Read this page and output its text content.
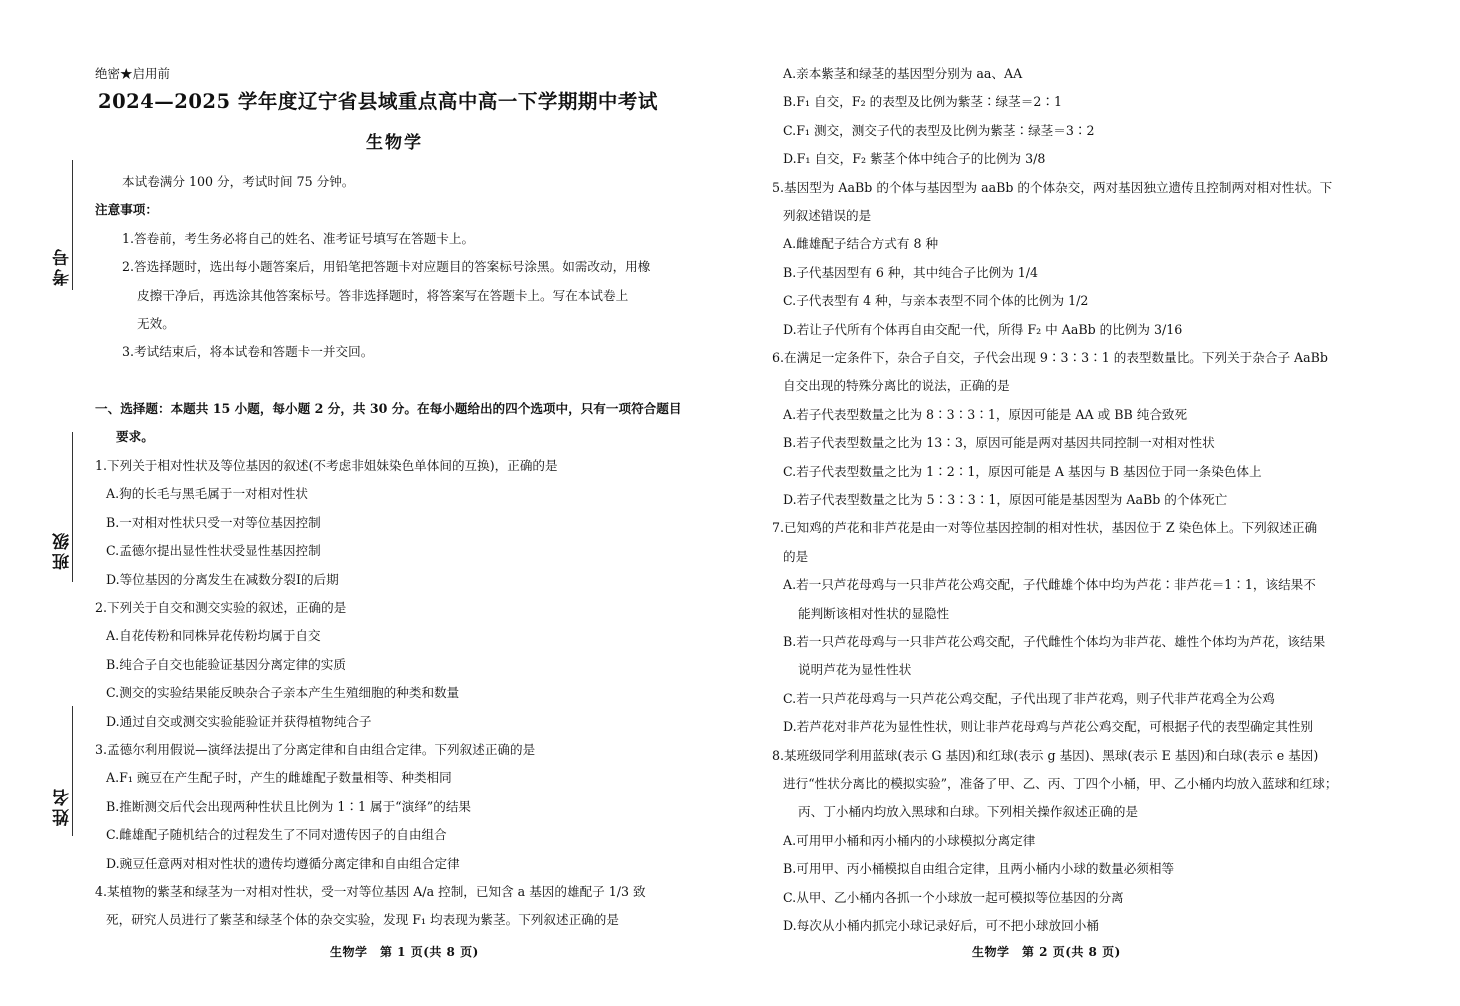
考号
班级
姓名
绝密★启用前
2024—2025 学年度辽宁省县域重点高中高一下学期期中考试
生物学
本试卷满分 100 分，考试时间 75 分钟。
注意事项：
1.答卷前，考生务必将自己的姓名、准考证号填写在答题卡上。
2.答选择题时，选出每小题答案后，用铅笔把答题卡对应题目的答案标号涂黑。如需改动，用橡
皮擦干净后，再选涂其他答案标号。答非选择题时，将答案写在答题卡上。写在本试卷上
无效。
3.考试结束后，将本试卷和答题卡一并交回。
一、选择题：本题共 15 小题，每小题 2 分，共 30 分。在每小题给出的四个选项中，只有一项符合题目
要求。
1.下列关于相对性状及等位基因的叙述(不考虑非姐妹染色单体间的互换)，正确的是
A.狗的长毛与黑毛属于一对相对性状
B.一对相对性状只受一对等位基因控制
C.孟德尔提出显性性状受显性基因控制
D.等位基因的分离发生在减数分裂Ⅰ的后期
2.下列关于自交和测交实验的叙述，正确的是
A.自花传粉和同株异花传粉均属于自交
B.纯合子自交也能验证基因分离定律的实质
C.测交的实验结果能反映杂合子亲本产生生殖细胞的种类和数量
D.通过自交或测交实验能验证并获得植物纯合子
3.孟德尔利用假说—演绎法提出了分离定律和自由组合定律。下列叙述正确的是
A.F₁ 豌豆在产生配子时，产生的雌雄配子数量相等、种类相同
B.推断测交后代会出现两种性状且比例为 1∶1 属于“演绎”的结果
C.雌雄配子随机结合的过程发生了不同对遗传因子的自由组合
D.豌豆任意两对相对性状的遗传均遵循分离定律和自由组合定律
4.某植物的紫茎和绿茎为一对相对性状，受一对等位基因 A/a 控制，已知含 a 基因的雄配子 1/3 致
死，研究人员进行了紫茎和绿茎个体的杂交实验，发现 F₁ 均表现为紫茎。下列叙述正确的是
A.亲本紫茎和绿茎的基因型分别为 aa、AA
B.F₁ 自交，F₂ 的表型及比例为紫茎∶绿茎＝2∶1
C.F₁ 测交，测交子代的表型及比例为紫茎∶绿茎＝3∶2
D.F₁ 自交，F₂ 紫茎个体中纯合子的比例为 3/8
5.基因型为 AaBb 的个体与基因型为 aaBb 的个体杂交，两对基因独立遗传且控制两对相对性状。下
列叙述错误的是
A.雌雄配子结合方式有 8 种
B.子代基因型有 6 种，其中纯合子比例为 1/4
C.子代表型有 4 种，与亲本表型不同个体的比例为 1/2
D.若让子代所有个体再自由交配一代，所得 F₂ 中 AaBb 的比例为 3/16
6.在满足一定条件下，杂合子自交，子代会出现 9∶3∶3∶1 的表型数量比。下列关于杂合子 AaBb
自交出现的特殊分离比的说法，正确的是
A.若子代表型数量之比为 8∶3∶3∶1，原因可能是 AA 或 BB 纯合致死
B.若子代表型数量之比为 13∶3，原因可能是两对基因共同控制一对相对性状
C.若子代表型数量之比为 1∶2∶1，原因可能是 A 基因与 B 基因位于同一条染色体上
D.若子代表型数量之比为 5∶3∶3∶1，原因可能是基因型为 AaBb 的个体死亡
7.已知鸡的芦花和非芦花是由一对等位基因控制的相对性状，基因位于 Z 染色体上。下列叙述正确
的是
A.若一只芦花母鸡与一只非芦花公鸡交配，子代雌雄个体中均为芦花∶非芦花＝1∶1，该结果不
能判断该相对性状的显隐性
B.若一只芦花母鸡与一只非芦花公鸡交配，子代雌性个体均为非芦花、雄性个体均为芦花，该结果
说明芦花为显性性状
C.若一只芦花母鸡与一只芦花公鸡交配，子代出现了非芦花鸡，则子代非芦花鸡全为公鸡
D.若芦花对非芦花为显性性状，则让非芦花母鸡与芦花公鸡交配，可根据子代的表型确定其性别
8.某班级同学利用蓝球(表示 G 基因)和红球(表示 g 基因)、黑球(表示 E 基因)和白球(表示 e 基因)
进行“性状分离比的模拟实验”，准备了甲、乙、丙、丁四个小桶，甲、乙小桶内均放入蓝球和红球；
丙、丁小桶内均放入黑球和白球。下列相关操作叙述正确的是
A.可用甲小桶和丙小桶内的小球模拟分离定律
B.可用甲、丙小桶模拟自由组合定律，且两小桶内小球的数量必须相等
C.从甲、乙小桶内各抓一个小球放一起可模拟等位基因的分离
D.每次从小桶内抓完小球记录好后，可不把小球放回小桶
生物学　第 1 页(共 8 页)	生物学　第 2 页(共 8 页)
